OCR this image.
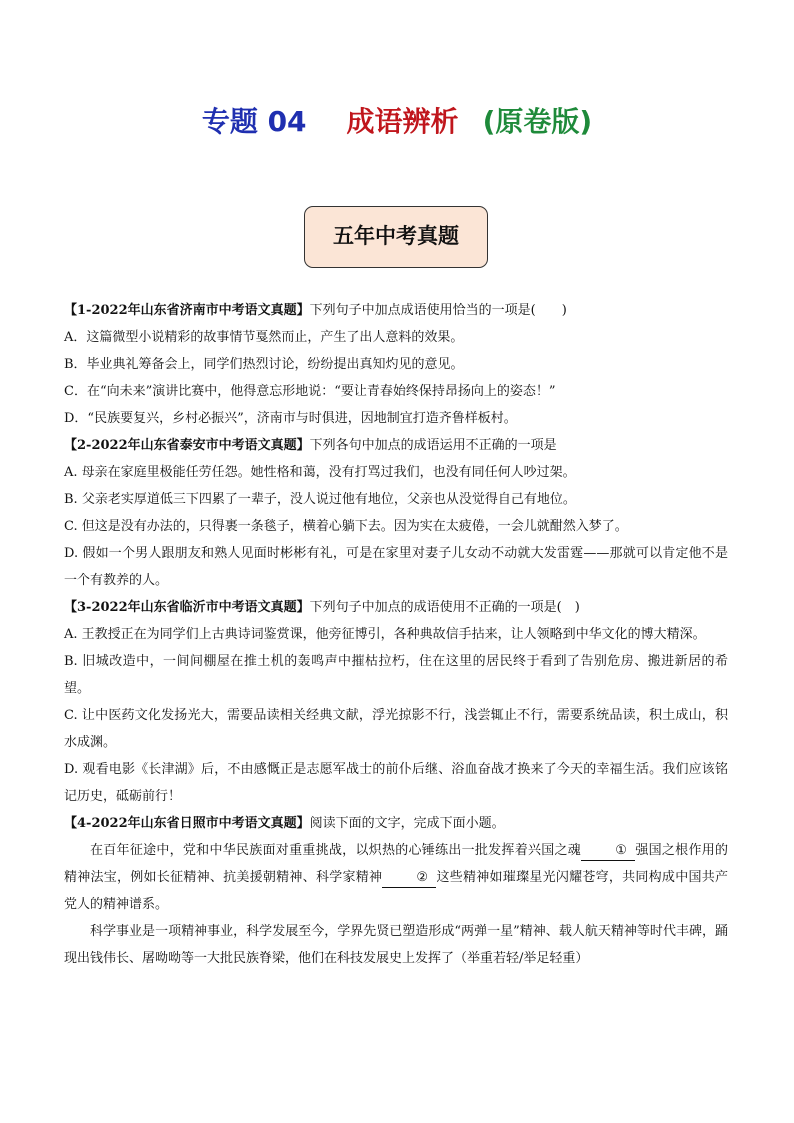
专题 04 成语辨析 (原卷版)
五年中考真题

【1-2022年山东省济南市中考语文真题】下列句子中加点成语使用恰当的一项是(　　)

A．这篇微型小说精彩的故事情节戛然而止，产生了出人意料的效果。

B．毕业典礼筹备会上，同学们热烈讨论，纷纷提出真知灼见的意见。

C．在“向未来”演讲比赛中，他得意忘形地说：“要让青春始终保持昂扬向上的姿态！”

D．“民族要复兴，乡村必振兴”，济南市与时俱进，因地制宜打造齐鲁样板村。

【2-2022年山东省泰安市中考语文真题】下列各句中加点的成语运用不正确的一项是

A. 母亲在家庭里极能任劳任怨。她性格和蔼，没有打骂过我们，也没有同任何人吵过架。

B. 父亲老实厚道低三下四累了一辈子，没人说过他有地位，父亲也从没觉得自己有地位。

C. 但这是没有办法的，只得裹一条毯子，横着心躺下去。因为实在太疲倦，一会儿就酣然入梦了。

D. 假如一个男人跟朋友和熟人见面时彬彬有礼，可是在家里对妻子儿女动不动就大发雷霆——那就可以肯定他不是一个有教养的人。

【3-2022年山东省临沂市中考语文真题】下列句子中加点的成语使用不正确的一项是(　)

A. 王教授正在为同学们上古典诗词鉴赏课，他旁征博引，各种典故信手拈来，让人领略到中华文化的博大精深。

B. 旧城改造中，一间间棚屋在推土机的轰鸣声中摧枯拉朽，住在这里的居民终于看到了告别危房、搬进新居的希望。

C. 让中医药文化发扬光大，需要品读相关经典文献，浮光掠影不行，浅尝辄止不行，需要系统品读，积土成山，积水成渊。

D. 观看电影《长津湖》后，不由感慨正是志愿军战士的前仆后继、浴血奋战才换来了今天的幸福生活。我们应该铭记历史，砥砺前行！

【4-2022年山东省日照市中考语文真题】阅读下面的文字，完成下面小题。

在百年征途中，党和中华民族面对重重挑战，以炽热的心锤练出一批发挥着兴国之魂	① 强国之根作用的精神法宝，例如长征精神、抗美援朝精神、科学家精神	② 这些精神如璀璨星光闪耀苍穹，共同构成中国共产党人的精神谱系。

科学事业是一项精神事业，科学发展至今，学界先贤已塑造形成“两弹一星”精神、载人航天精神等时代丰碑，踊现出钱伟长、屠呦呦等一大批民族脊梁，他们在科技发展史上发挥了（举重若轻/举足轻重）
